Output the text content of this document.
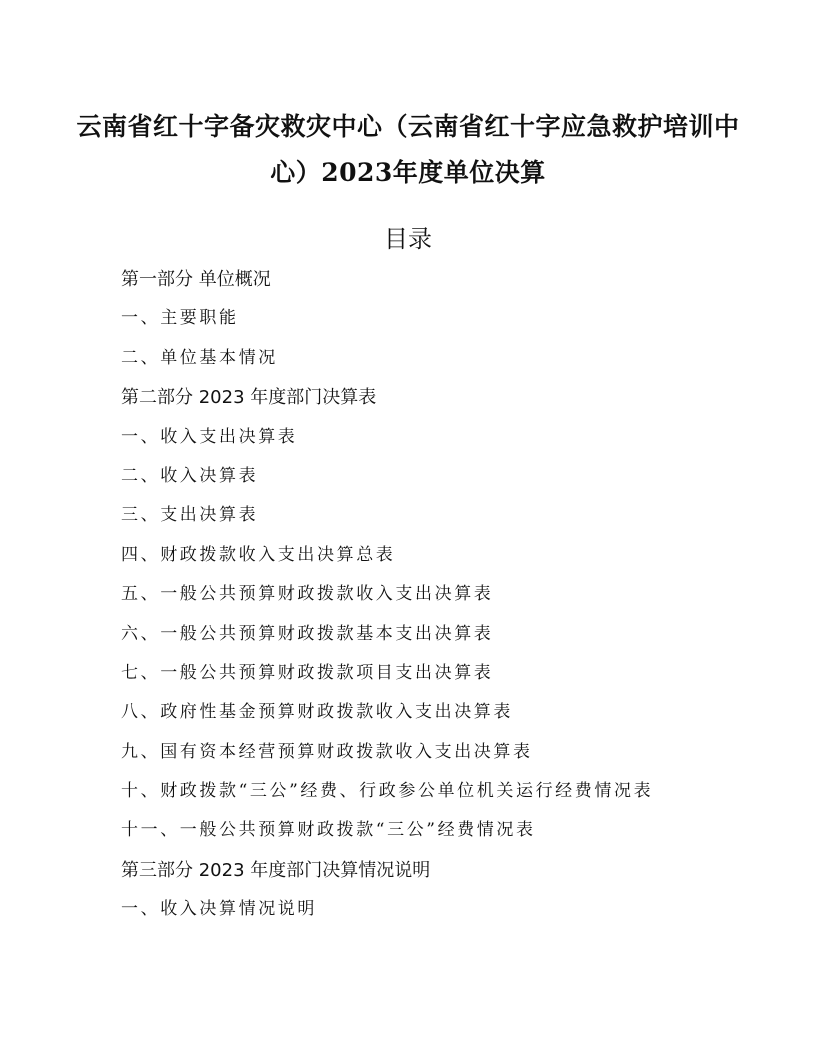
云南省红十字备灾救灾中心（云南省红十字应急救护培训中心）2023年度单位决算
目录
第一部分 单位概况
一、主要职能
二、单位基本情况
第二部分 2023 年度部门决算表
一、收入支出决算表
二、收入决算表
三、支出决算表
四、财政拨款收入支出决算总表
五、一般公共预算财政拨款收入支出决算表
六、一般公共预算财政拨款基本支出决算表
七、一般公共预算财政拨款项目支出决算表
八、政府性基金预算财政拨款收入支出决算表
九、国有资本经营预算财政拨款收入支出决算表
十、财政拨款“三公”经费、行政参公单位机关运行经费情况表
十一、一般公共预算财政拨款“三公”经费情况表
第三部分 2023 年度部门决算情况说明
一、收入决算情况说明
